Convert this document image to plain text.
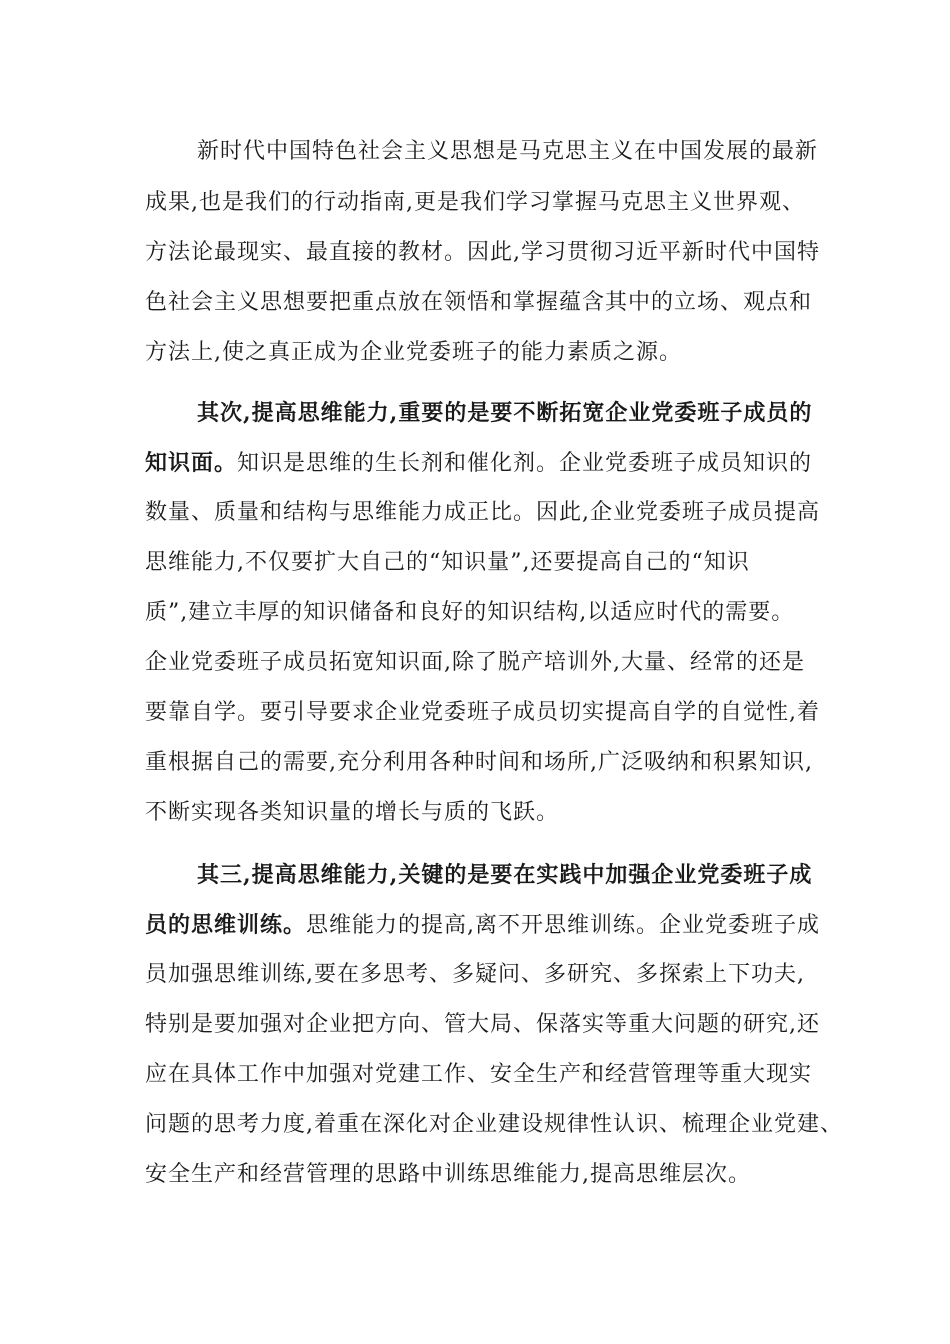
新时代中国特色社会主义思想是马克思主义在中国发展的最新
成果,也是我们的行动指南,更是我们学习掌握马克思主义世界观、
方法论最现实、最直接的教材。因此,学习贯彻习近平新时代中国特
色社会主义思想要把重点放在领悟和掌握蕴含其中的立场、观点和
方法上,使之真正成为企业党委班子的能力素质之源。
其次,提高思维能力,重要的是要不断拓宽企业党委班子成员的
知识面。知识是思维的生长剂和催化剂。企业党委班子成员知识的
数量、质量和结构与思维能力成正比。因此,企业党委班子成员提高
思维能力,不仅要扩大自己的“知识量”,还要提高自己的“知识
质”,建立丰厚的知识储备和良好的知识结构,以适应时代的需要。
企业党委班子成员拓宽知识面,除了脱产培训外,大量、经常的还是
要靠自学。要引导要求企业党委班子成员切实提高自学的自觉性,着
重根据自己的需要,充分利用各种时间和场所,广泛吸纳和积累知识,
不断实现各类知识量的增长与质的飞跃。
其三,提高思维能力,关键的是要在实践中加强企业党委班子成
员的思维训练。思维能力的提高,离不开思维训练。企业党委班子成
员加强思维训练,要在多思考、多疑问、多研究、多探索上下功夫,
特别是要加强对企业把方向、管大局、保落实等重大问题的研究,还
应在具体工作中加强对党建工作、安全生产和经营管理等重大现实
问题的思考力度,着重在深化对企业建设规律性认识、梳理企业党建、
安全生产和经营管理的思路中训练思维能力,提高思维层次。
